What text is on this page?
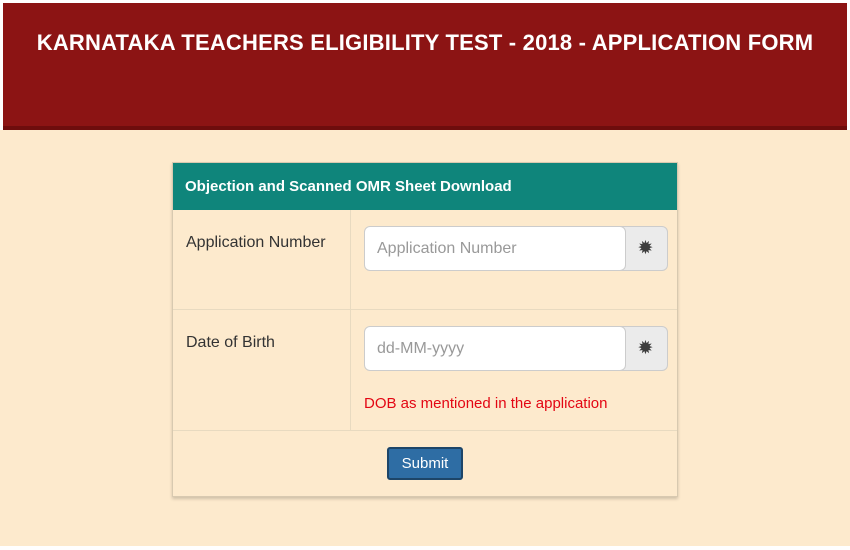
KARNATAKA TEACHERS ELIGIBILITY TEST - 2018 - APPLICATION FORM
Objection and Scanned OMR Sheet Download
Application Number
Application Number	✹
Date of Birth
dd-MM-yyyy	✹
DOB as mentioned in the application
Submit
